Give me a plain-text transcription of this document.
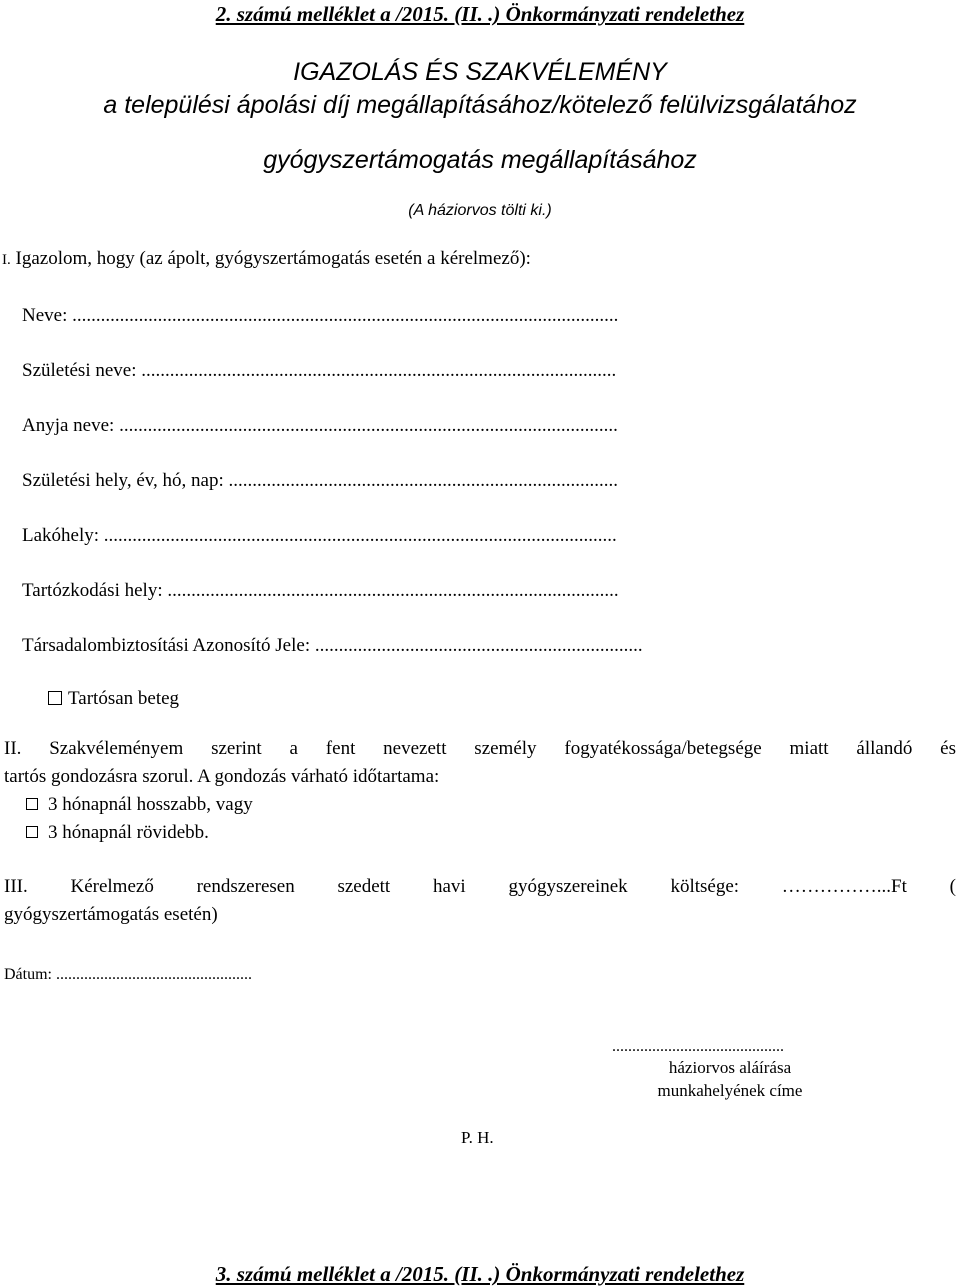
2. számú melléklet a /2015. (II. .) Önkormányzati rendelethez
IGAZOLÁS ÉS SZAKVÉLEMÉNY
a települési ápolási díj megállapításához/kötelező felülvizsgálatához
gyógyszertámogatás megállapításához
(A háziorvos tölti ki.)
I. Igazolom, hogy (az ápolt, gyógyszertámogatás esetén a kérelmező):
Neve: ...................................................................................................................
Születési neve: ....................................................................................................
Anyja neve: .........................................................................................................
Születési hely, év, hó, nap: ..................................................................................
Lakóhely: ............................................................................................................
Tartózkodási hely: ...............................................................................................
Társadalombiztosítási Azonosító Jele: .....................................................................
Tartósan beteg
II. Szakvéleményem szerint a fent nevezett személy fogyatékossága/betegsége miatt állandó és
tartós gondozásra szorul. A gondozás várható időtartama:
3 hónapnál hosszabb, vagy
3 hónapnál rövidebb.
III. Kérelmező rendszeresen szedett havi gyógyszereinek költsége: ……………...Ft (
gyógyszertámogatás esetén)
Dátum: .................................................
...........................................
háziorvos aláírása
munkahelyének címe
P. H.
3. számú melléklet a /2015. (II. .) Önkormányzati rendelethez
